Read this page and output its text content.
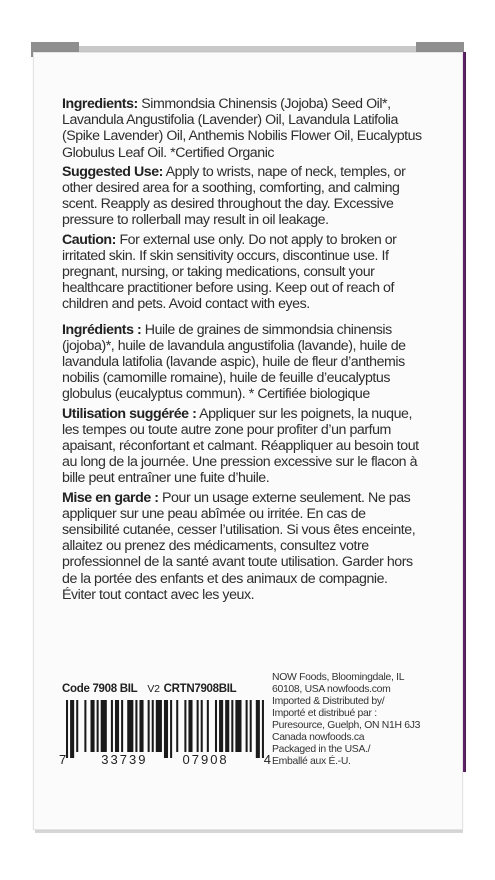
Ingredients: Simmondsia Chinensis (Jojoba) Seed Oil*, Lavandula Angustifolia (Lavender) Oil, Lavandula Latifolia (Spike Lavender) Oil, Anthemis Nobilis Flower Oil, Eucalyptus Globulus Leaf Oil. *Certified Organic

Suggested Use: Apply to wrists, nape of neck, temples, or other desired area for a soothing, comforting, and calming scent. Reapply as desired throughout the day. Excessive pressure to rollerball may result in oil leakage.

Caution: For external use only. Do not apply to broken or irritated skin. If skin sensitivity occurs, discontinue use. If pregnant, nursing, or taking medications, consult your healthcare practitioner before using. Keep out of reach of children and pets. Avoid contact with eyes.

Ingrédients : Huile de graines de simmondsia chinensis (jojoba)*, huile de lavandula angustifolia (lavande), huile de lavandula latifolia (lavande aspic), huile de fleur d’anthemis nobilis (camomille romaine), huile de feuille d’eucalyptus globulus (eucalyptus commun). * Certifiée biologique

Utilisation suggérée : Appliquer sur les poignets, la nuque, les tempes ou toute autre zone pour profiter d’un parfum apaisant, réconfortant et calmant. Réappliquer au besoin tout au long de la journée. Une pression excessive sur le flacon à bille peut entraîner une fuite d’huile.

Mise en garde : Pour un usage externe seulement. Ne pas appliquer sur une peau abîmée ou irritée. En cas de sensibilité cutanée, cesser l’utilisation. Si vous êtes enceinte, allaitez ou prenez des médicaments, consultez votre professionnel de la santé avant toute utilisation. Garder hors de la portée des enfants et des animaux de compagnie. Éviter tout contact avec les yeux.

Code 7908 BIL V2 CRTN7908BIL
7	33739	07908	4
NOW Foods, Bloomingdale, IL
60108, USA nowfoods.com
Imported & Distributed by/
Importé et distribué par :
Puresource, Guelph, ON N1H 6J3
Canada nowfoods.ca
Packaged in the USA./
Emballé aux É.-U.
